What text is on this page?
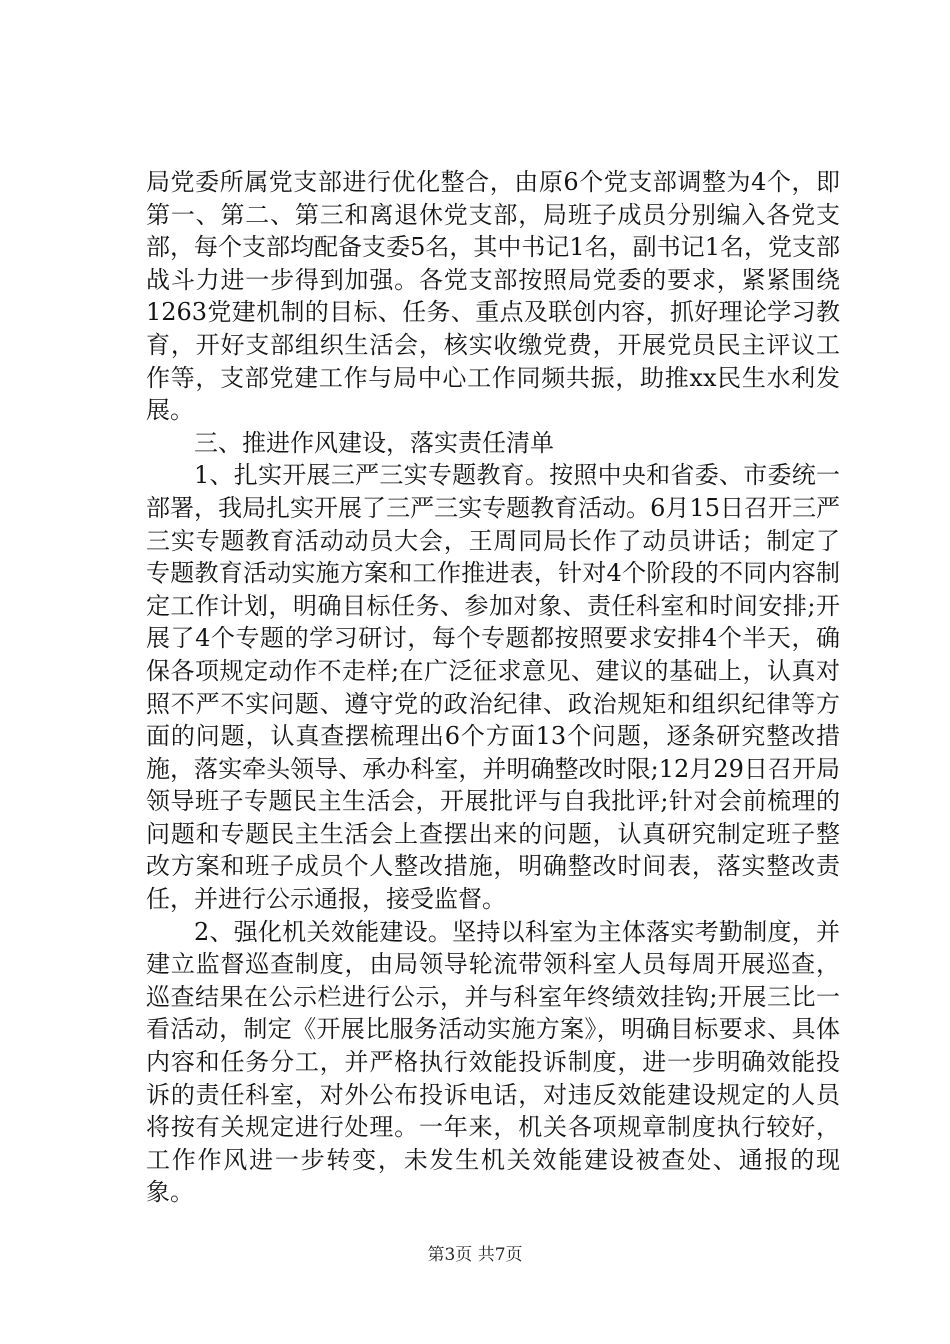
局党委所属党支部进行优化整合，由原6个党支部调整为4个，即第一、第二、第三和离退休党支部，局班子成员分别编入各党支部，每个支部均配备支委5名，其中书记1名，副书记1名，党支部战斗力进一步得到加强。各党支部按照局党委的要求，紧紧围绕1263党建机制的目标、任务、重点及联创内容，抓好理论学习教育，开好支部组织生活会，核实收缴党费，开展党员民主评议工作等，支部党建工作与局中心工作同频共振，助推xx民生水利发展。

三、推进作风建设，落实责任清单

1、扎实开展三严三实专题教育。按照中央和省委、市委统一部署，我局扎实开展了三严三实专题教育活动。6月15日召开三严三实专题教育活动动员大会，王周同局长作了动员讲话；制定了专题教育活动实施方案和工作推进表，针对4个阶段的不同内容制定工作计划，明确目标任务、参加对象、责任科室和时间安排;开展了4个专题的学习研讨，每个专题都按照要求安排4个半天，确保各项规定动作不走样;在广泛征求意见、建议的基础上，认真对照不严不实问题、遵守党的政治纪律、政治规矩和组织纪律等方面的问题，认真查摆梳理出6个方面13个问题，逐条研究整改措施，落实牵头领导、承办科室，并明确整改时限;12月29日召开局领导班子专题民主生活会，开展批评与自我批评;针对会前梳理的问题和专题民主生活会上查摆出来的问题，认真研究制定班子整改方案和班子成员个人整改措施，明确整改时间表，落实整改责任，并进行公示通报，接受监督。

2、强化机关效能建设。坚持以科室为主体落实考勤制度，并建立监督巡查制度，由局领导轮流带领科室人员每周开展巡查，巡查结果在公示栏进行公示，并与科室年终绩效挂钩;开展三比一看活动，制定《开展比服务活动实施方案》，明确目标要求、具体内容和任务分工，并严格执行效能投诉制度，进一步明确效能投诉的责任科室，对外公布投诉电话，对违反效能建设规定的人员将按有关规定进行处理。一年来，机关各项规章制度执行较好，工作作风进一步转变，未发生机关效能建设被查处、通报的现象。

第3页 共7页
